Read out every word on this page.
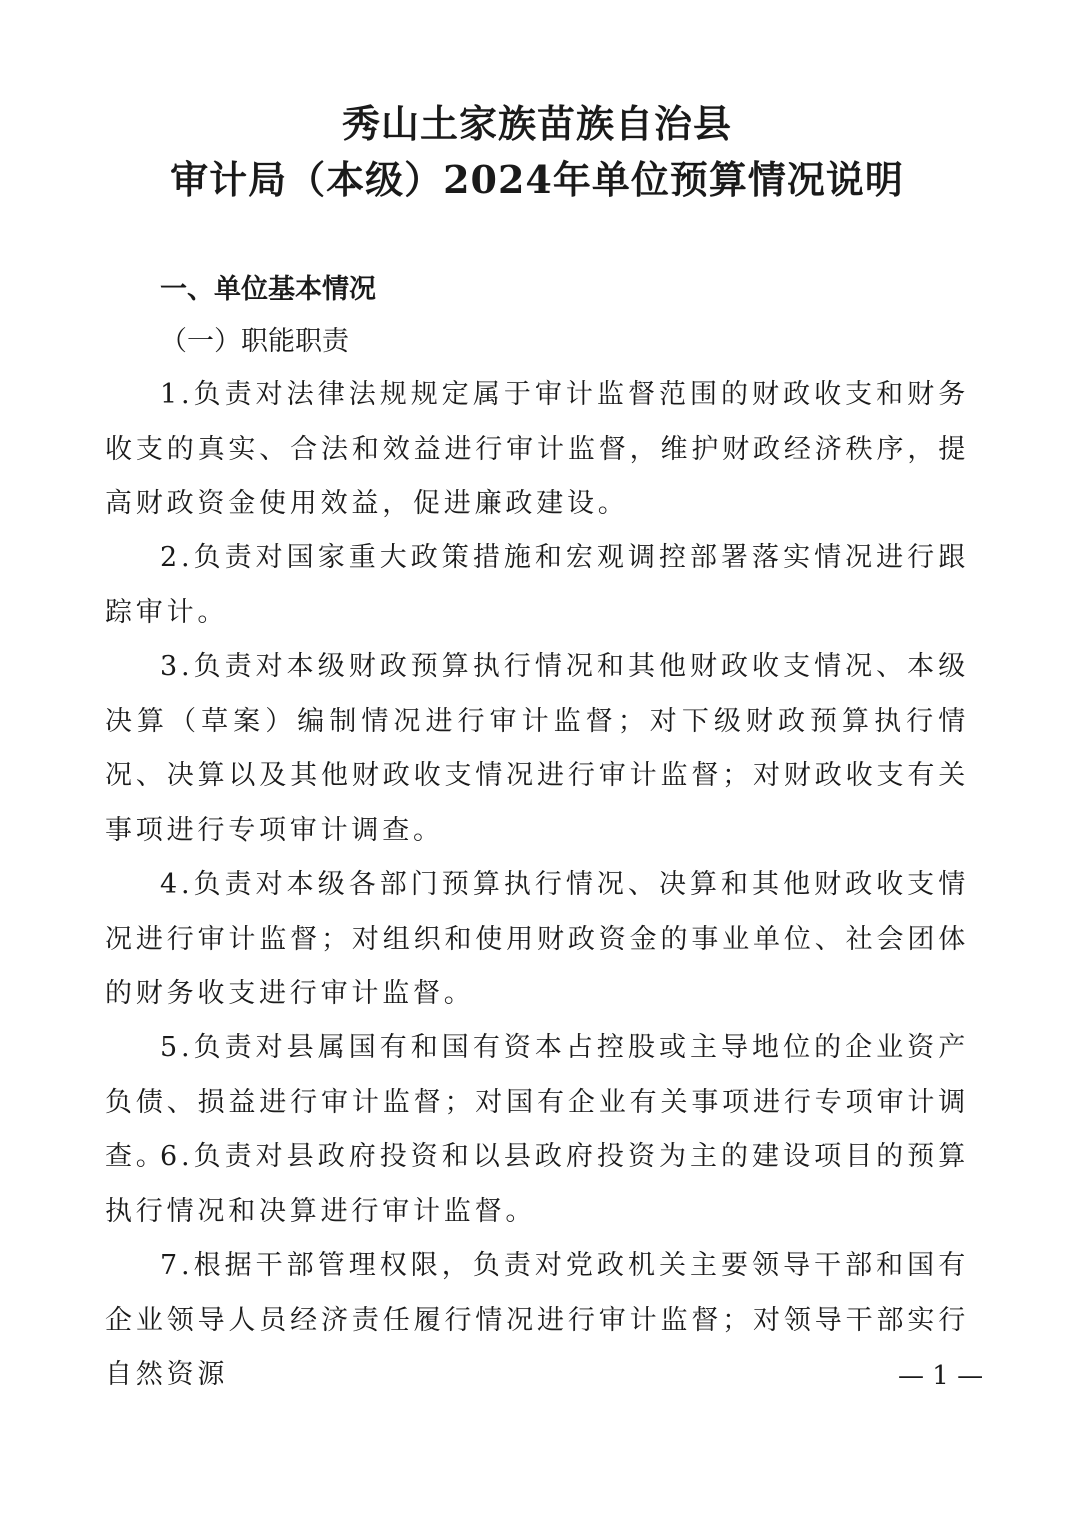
秀山土家族苗族自治县
审计局（本级）2024年单位预算情况说明
一、单位基本情况
（一）职能职责
1.负责对法律法规规定属于审计监督范围的财政收支和财务收支的真实、合法和效益进行审计监督，维护财政经济秩序，提高财政资金使用效益，促进廉政建设。
2.负责对国家重大政策措施和宏观调控部署落实情况进行跟踪审计。
3.负责对本级财政预算执行情况和其他财政收支情况、本级决算（草案）编制情况进行审计监督；对下级财政预算执行情况、决算以及其他财政收支情况进行审计监督；对财政收支有关事项进行专项审计调查。
4.负责对本级各部门预算执行情况、决算和其他财政收支情况进行审计监督；对组织和使用财政资金的事业单位、社会团体的财务收支进行审计监督。
5.负责对县属国有和国有资本占控股或主导地位的企业资产负债、损益进行审计监督；对国有企业有关事项进行专项审计调查。
6.负责对县政府投资和以县政府投资为主的建设项目的预算执行情况和决算进行审计监督。
7.根据干部管理权限，负责对党政机关主要领导干部和国有企业领导人员经济责任履行情况进行审计监督；对领导干部实行自然资源	— 1 —
